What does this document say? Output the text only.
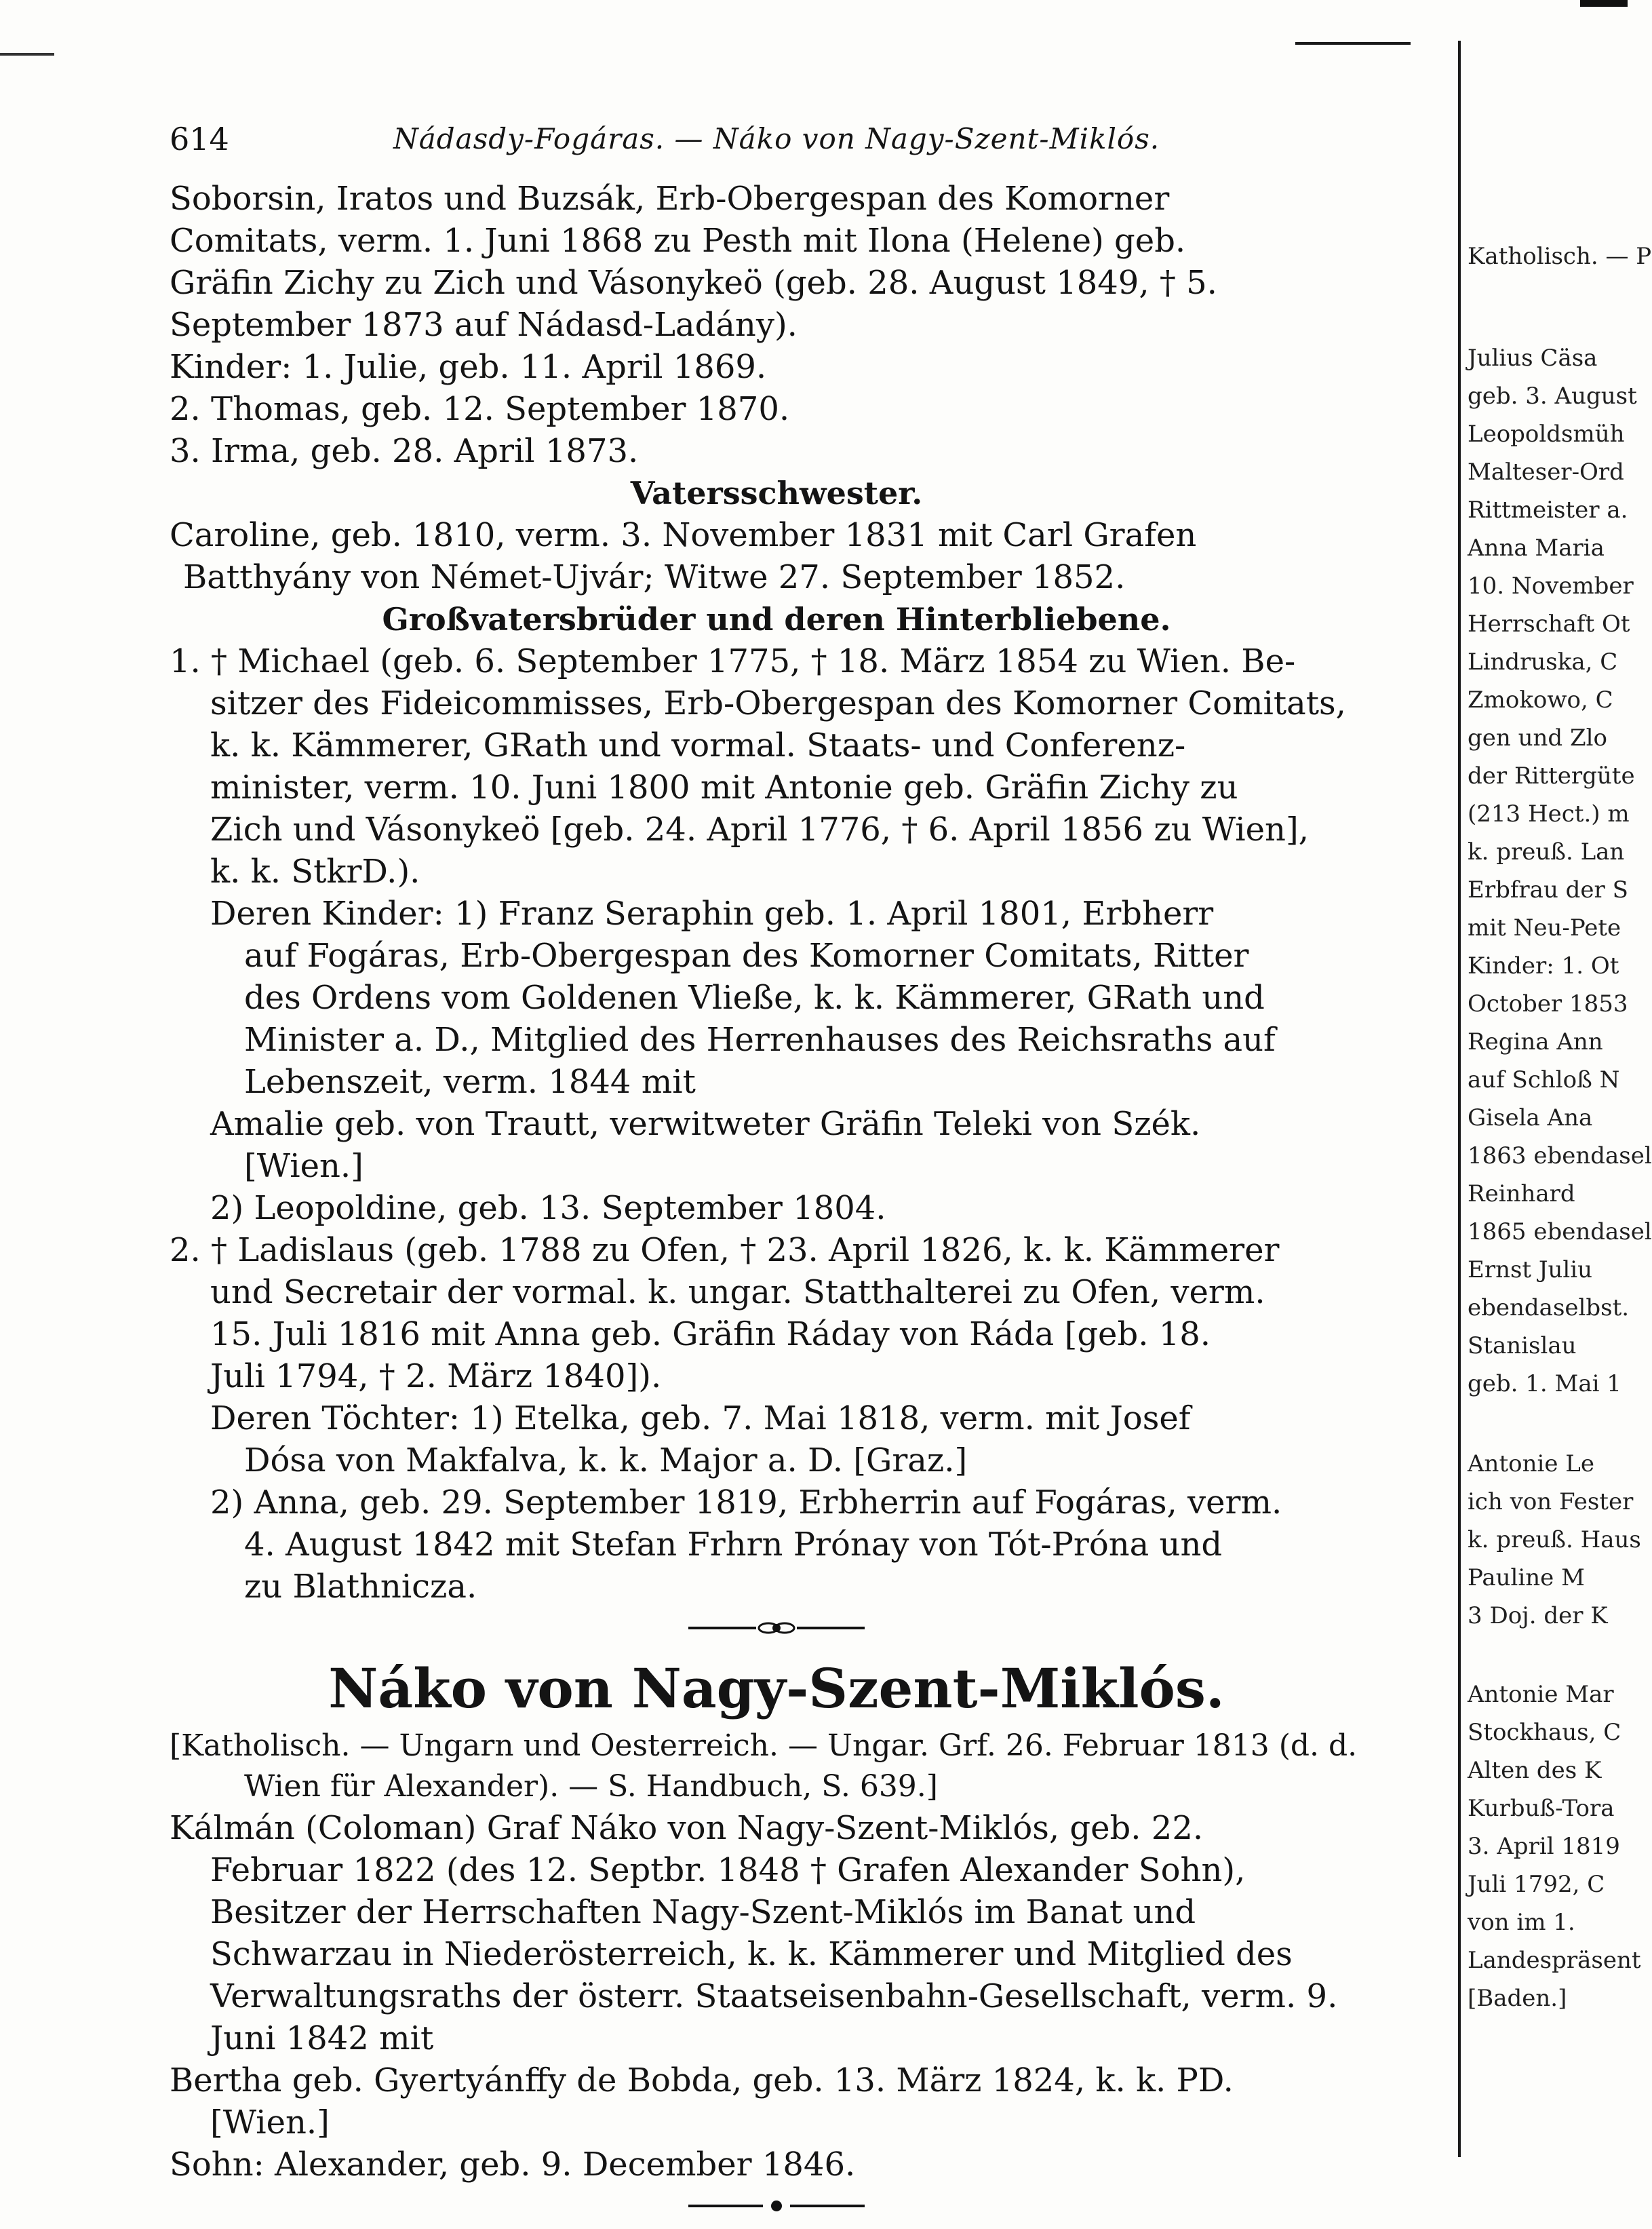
614	Nádasdy-Fogáras. — Náko von Nagy-Szent-Miklós.
Soborsin, Iratos und Buzsák, Erb-Obergespan des Komorner
Comitats, verm. 1. Juni 1868 zu Pesth mit Ilona (Helene) geb.
Gräfin Zichy zu Zich und Vásonykeö (geb. 28. August 1849, † 5.
September 1873 auf Nádasd-Ladány).
Kinder: 1. Julie, geb. 11. April 1869.
2. Thomas, geb. 12. September 1870.
3. Irma, geb. 28. April 1873.
Vatersschwester.
Caroline, geb. 1810, verm. 3. November 1831 mit Carl Grafen
Batthyány von Német-Ujvár; Witwe 27. September 1852.
Großvatersbrüder und deren Hinterbliebene.
1. † Michael (geb. 6. September 1775, † 18. März 1854 zu Wien. Be-
sitzer des Fideicommisses, Erb-Obergespan des Komorner Comitats,
k. k. Kämmerer, GRath und vormal. Staats- und Conferenz-
minister, verm. 10. Juni 1800 mit Antonie geb. Gräfin Zichy zu
Zich und Vásonykeö [geb. 24. April 1776, † 6. April 1856 zu Wien],
k. k. StkrD.).
Deren Kinder: 1) Franz Seraphin geb. 1. April 1801, Erbherr
auf Fogáras, Erb-Obergespan des Komorner Comitats, Ritter
des Ordens vom Goldenen Vließe, k. k. Kämmerer, GRath und
Minister a. D., Mitglied des Herrenhauses des Reichsraths auf
Lebenszeit, verm. 1844 mit
Amalie geb. von Trautt, verwitweter Gräfin Teleki von Szék.
[Wien.]
2) Leopoldine, geb. 13. September 1804.
2. † Ladislaus (geb. 1788 zu Ofen, † 23. April 1826, k. k. Kämmerer
und Secretair der vormal. k. ungar. Statthalterei zu Ofen, verm.
15. Juli 1816 mit Anna geb. Gräfin Ráday von Ráda [geb. 18.
Juli 1794, † 2. März 1840]).
Deren Töchter: 1) Etelka, geb. 7. Mai 1818, verm. mit Josef
Dósa von Makfalva, k. k. Major a. D. [Graz.]
2) Anna, geb. 29. September 1819, Erbherrin auf Fogáras, verm.
4. August 1842 mit Stefan Frhrn Prónay von Tót-Próna und
zu Blathnicza.
Náko von Nagy-Szent-Miklós.
[Katholisch. — Ungarn und Oesterreich. — Ungar. Grf. 26. Februar 1813 (d. d.
Wien für Alexander). — S. Handbuch, S. 639.]
Kálmán (Coloman) Graf Náko von Nagy-Szent-Miklós, geb. 22.
Februar 1822 (des 12. Septbr. 1848 † Grafen Alexander Sohn),
Besitzer der Herrschaften Nagy-Szent-Miklós im Banat und
Schwarzau in Niederösterreich, k. k. Kämmerer und Mitglied des
Verwaltungsraths der österr. Staatseisenbahn-Gesellschaft, verm. 9.
Juni 1842 mit
Bertha geb. Gyertyánffy de Bobda, geb. 13. März 1824, k. k. PD.
[Wien.]
Sohn: Alexander, geb. 9. December 1846.
Katholisch. — P
Julius Cäsa
geb. 3. August
Leopoldsmüh
Malteser-Ord
Rittmeister a.
Anna Maria
10. November
Herrschaft Ot
Lindruska, C
Zmokowo, C
gen und Zlo
der Rittergüte
(213 Hect.) m
k. preuß. Lan
Erbfrau der S
mit Neu-Pete
Kinder: 1. Ot
October 1853
Regina Ann
auf Schloß N
Gisela Ana
1863 ebendasel
Reinhard
1865 ebendasel
Ernst Juliu
ebendaselbst.
Stanislau
geb. 1. Mai 1
Antonie Le
ich von Fester
k. preuß. Haus
Pauline M
3 Doj. der K
Antonie Mar
Stockhaus, C
Alten des K
Kurbuß-Tora
3. April 1819
Juli 1792, C
von im 1.
Landespräsent
[Baden.]
